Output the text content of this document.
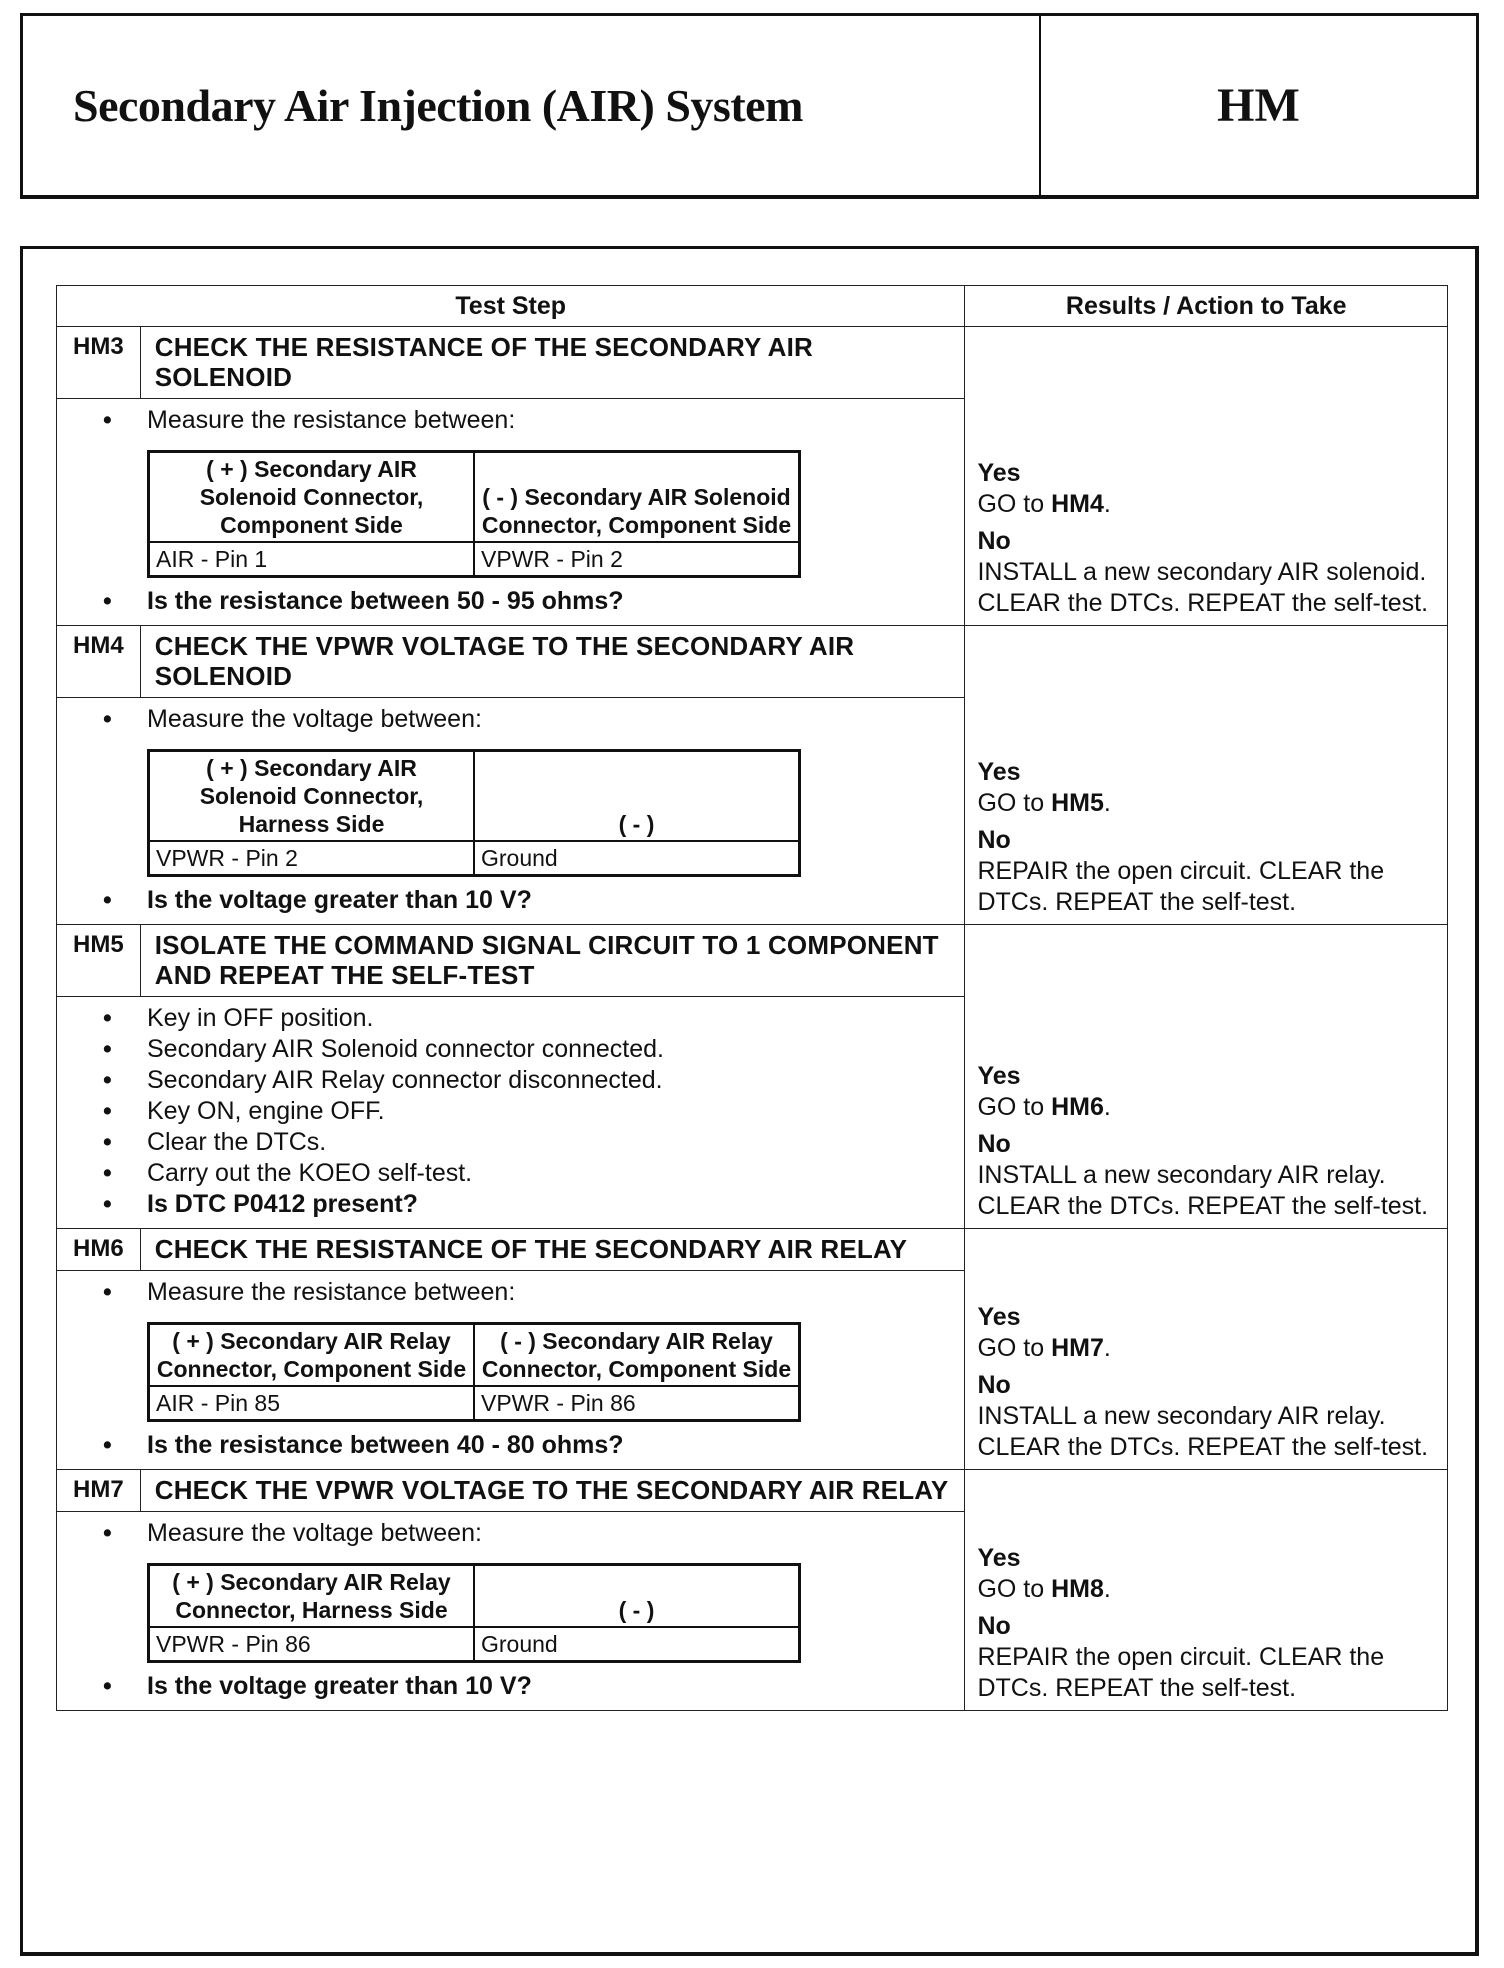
Secondary Air Injection (AIR) System	HM
Test Step	Results / Action to Take
HM3	CHECK THE RESISTANCE OF THE SECONDARY AIR SOLENOID	
Yes
GO to HM4.
No
INSTALL a new secondary AIR solenoid. CLEAR the DTCs. REPEAT the self-test.

• Measure the resistance between:
( + ) Secondary AIR Solenoid Connector, Component Side	( - ) Secondary AIR Solenoid Connector, Component Side
AIR - Pin 1	VPWR - Pin 2
• Is the resistance between 50 - 95 ohms?

HM4	CHECK THE VPWR VOLTAGE TO THE SECONDARY AIR SOLENOID	
Yes
GO to HM5.
No
REPAIR the open circuit. CLEAR the DTCs. REPEAT the self-test.

• Measure the voltage between:
( + ) Secondary AIR Solenoid Connector, Harness Side	( - )
VPWR - Pin 2	Ground
• Is the voltage greater than 10 V?

HM5	ISOLATE THE COMMAND SIGNAL CIRCUIT TO 1 COMPONENT AND REPEAT THE SELF-TEST	
Yes
GO to HM6.
No
INSTALL a new secondary AIR relay. CLEAR the DTCs. REPEAT the self-test.

• Key in OFF position.
• Secondary AIR Solenoid connector connected.
• Secondary AIR Relay connector disconnected.
• Key ON, engine OFF.
• Clear the DTCs.
• Carry out the KOEO self-test.
• Is DTC P0412 present?

HM6	CHECK THE RESISTANCE OF THE SECONDARY AIR RELAY	
Yes
GO to HM7.
No
INSTALL a new secondary AIR relay. CLEAR the DTCs. REPEAT the self-test.

• Measure the resistance between:
( + ) Secondary AIR Relay Connector, Component Side	( - ) Secondary AIR Relay Connector, Component Side
AIR - Pin 85	VPWR - Pin 86
• Is the resistance between 40 - 80 ohms?

HM7	CHECK THE VPWR VOLTAGE TO THE SECONDARY AIR RELAY	
Yes
GO to HM8.
No
REPAIR the open circuit. CLEAR the DTCs. REPEAT the self-test.

• Measure the voltage between:
( + ) Secondary AIR Relay Connector, Harness Side	( - )
VPWR - Pin 86	Ground
• Is the voltage greater than 10 V?
